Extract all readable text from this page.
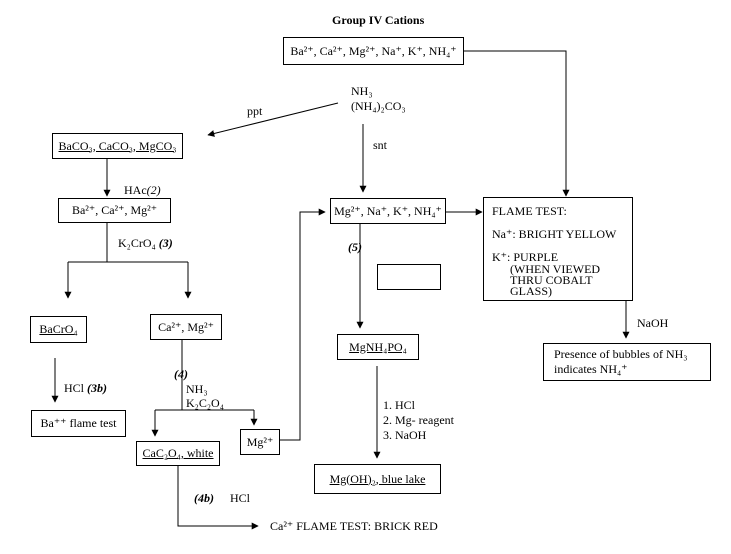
Group IV Cations
Ba²⁺, Ca²⁺, Mg²⁺, Na⁺, K⁺, NH₄⁺
NH₃
(NH₄)₂CO₃
ppt
snt
BaCO₃, CaCO₃, MgCO₃
HAc(2)
Ba²⁺, Ca²⁺, Mg²⁺
K₂CrO₄ (3)
BaCrO₄	Ca²⁺, Mg²⁺
HCl (3b)
Ba⁺⁺ flame test
(4)
NH₃
K₂C₂O₄
CaC₂O₄, white
Mg²⁺
(4b) HCl
Ca²⁺ FLAME TEST: BRICK RED
Mg²⁺, Na⁺, K⁺, NH₄⁺
(5)
MgNH₄PO₄
1. HCl
2. Mg- reagent
3. NaOH
Mg(OH)₂, blue lake
FLAME TEST:
Na⁺: BRIGHT YELLOW
K⁺: PURPLE
(WHEN VIEWED THRU COBALT GLASS)
NaOH
Presence of bubbles of NH₃
indicates NH₄⁺
